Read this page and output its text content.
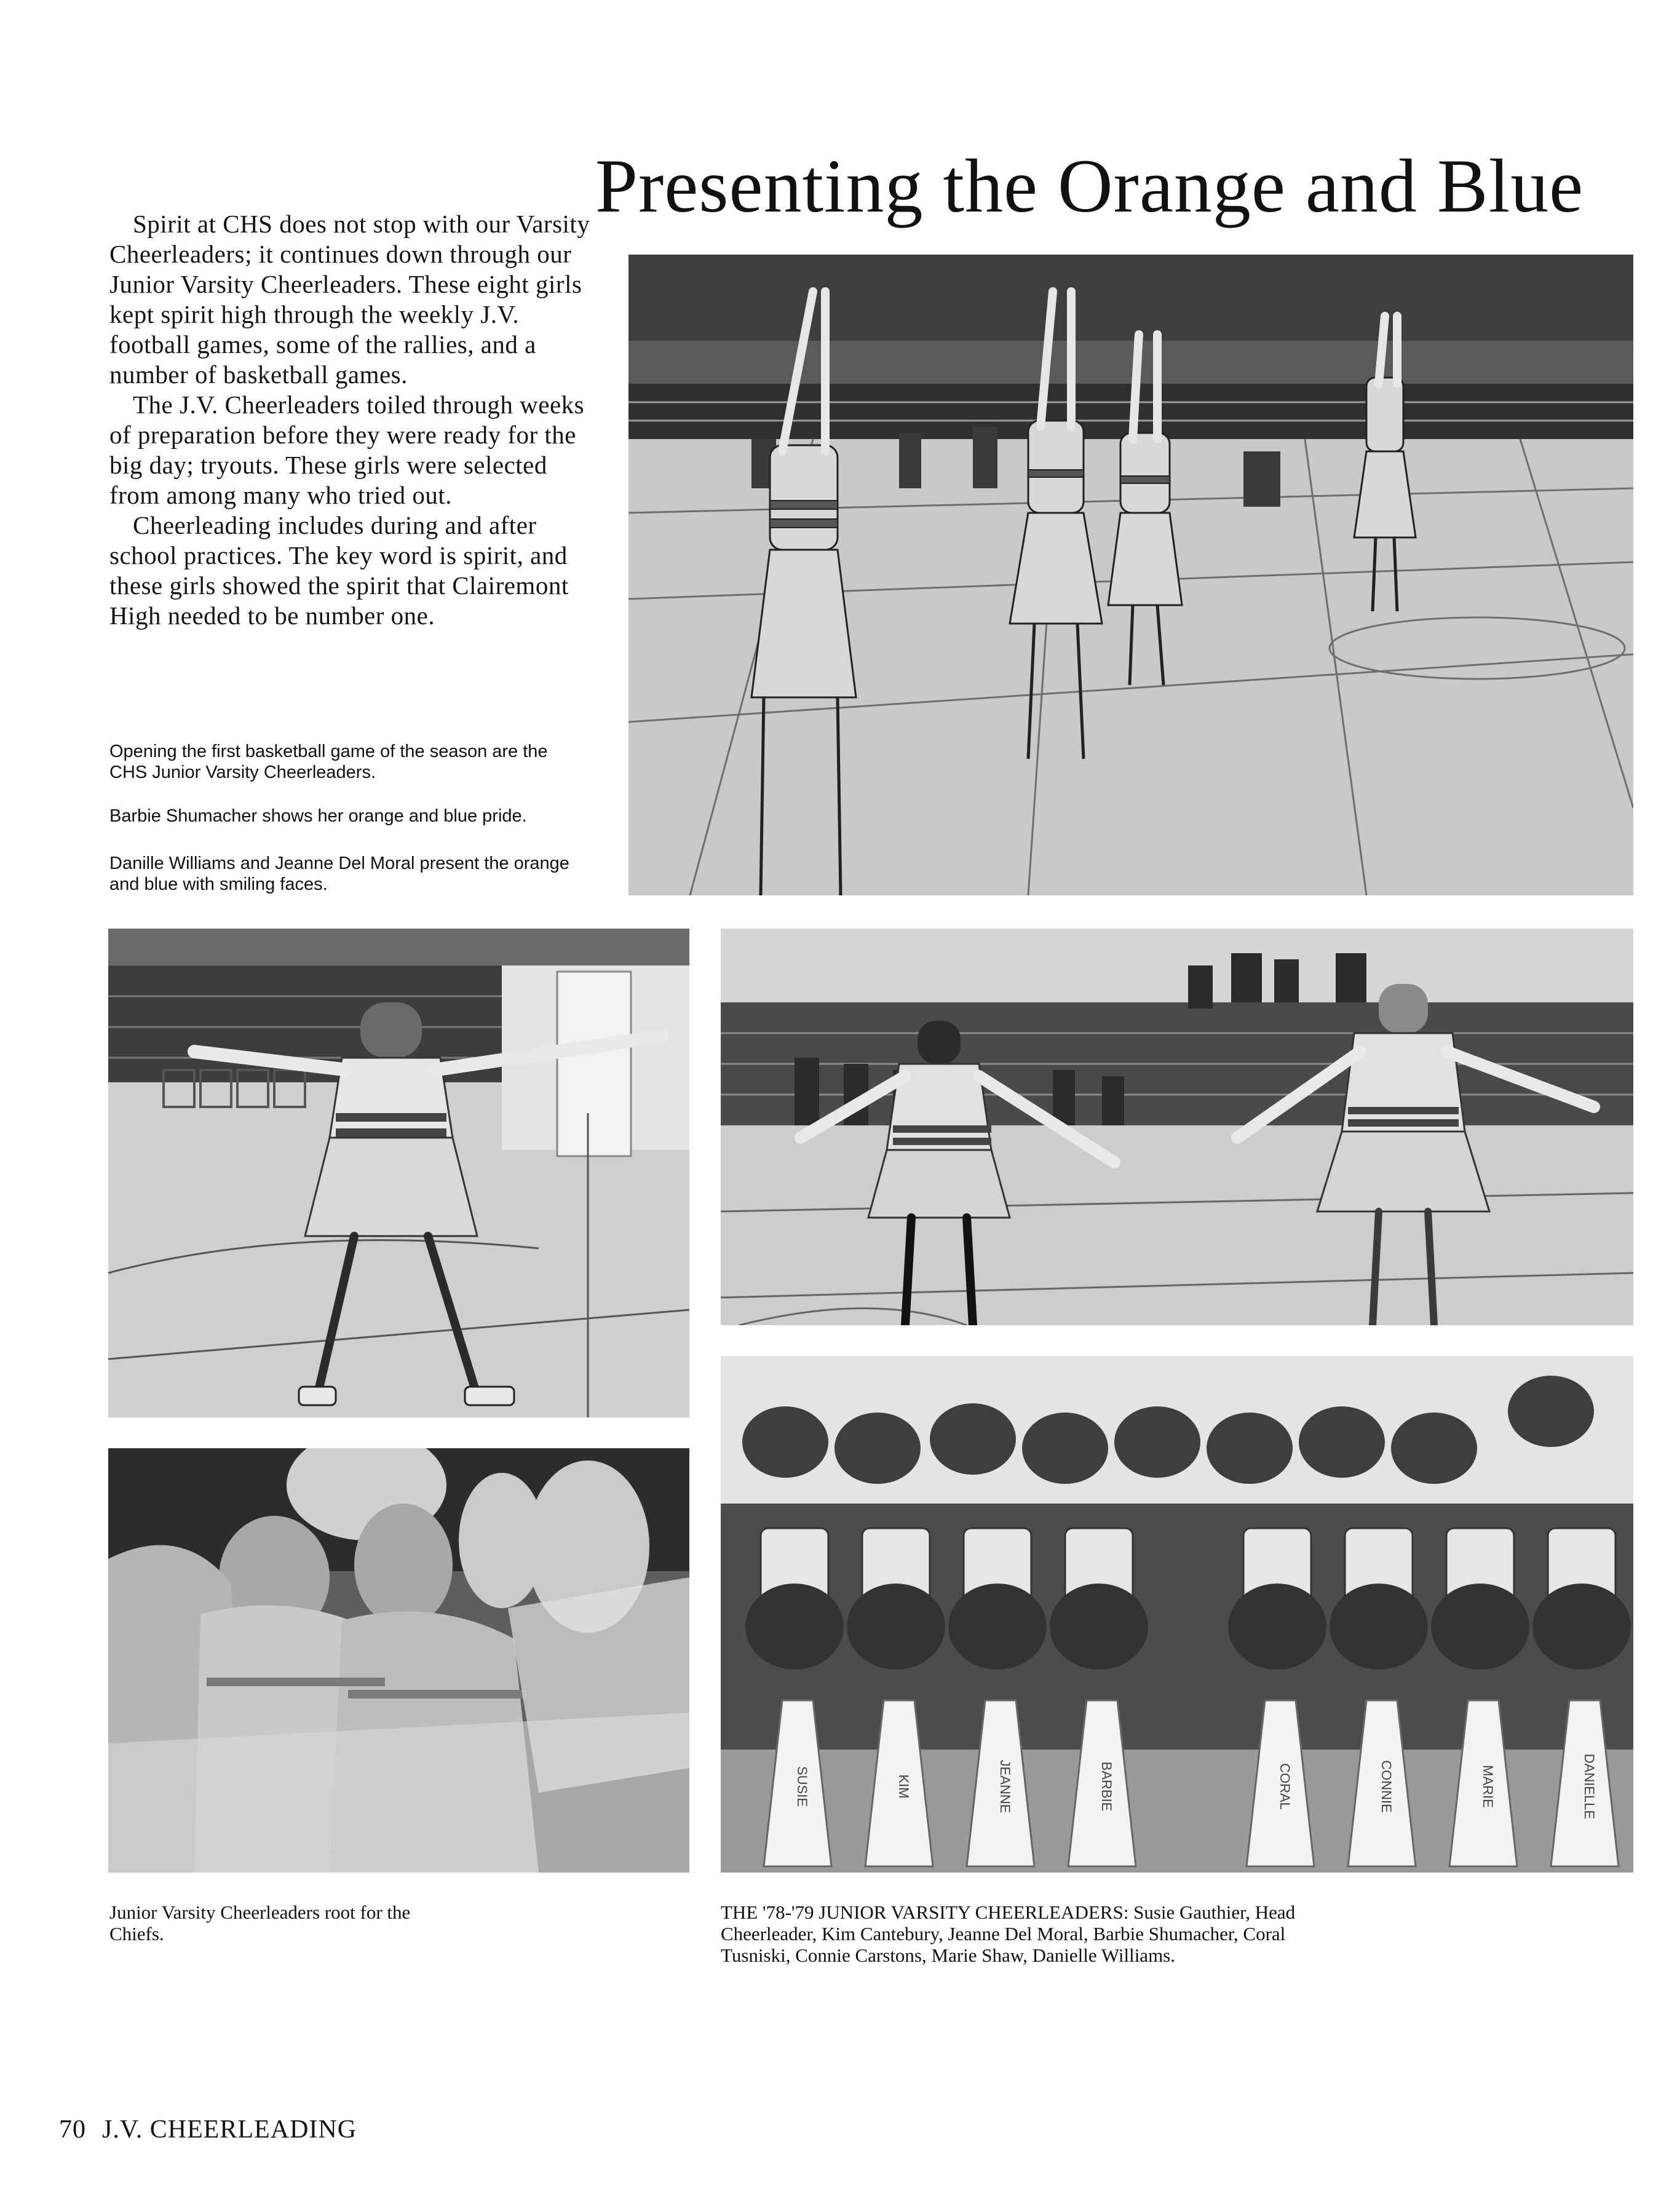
Presenting the Orange and Blue

Spirit at CHS does not stop with our Varsity Cheerleaders; it continues down through our Junior Varsity Cheerleaders. These eight girls kept spirit high through the weekly J.V. football games, some of the rallies, and a number of basketball games.

The J.V. Cheerleaders toiled through weeks of preparation before they were ready for the big day; tryouts. These girls were selected from among many who tried out.

Cheerleading includes during and after school practices. The key word is spirit, and these girls showed the spirit that Clairemont High needed to be number one.

Opening the first basketball game of the season are the CHS Junior Varsity Cheerleaders.
Barbie Shumacher shows her orange and blue pride.
Danille Williams and Jeanne Del Moral present the orange and blue with smiling faces.
SUSIE	KIM	JEANNE	BARBIE	CORAL	CONNIE	MARIE	DANIELLE
Junior Varsity Cheerleaders root for the Chiefs.
THE '78-'79 JUNIOR VARSITY CHEERLEADERS: Susie Gauthier, Head Cheerleader, Kim Cantebury, Jeanne Del Moral, Barbie Shumacher, Coral Tusniski, Connie Carstons, Marie Shaw, Danielle Williams.
70 J.V. CHEERLEADING
